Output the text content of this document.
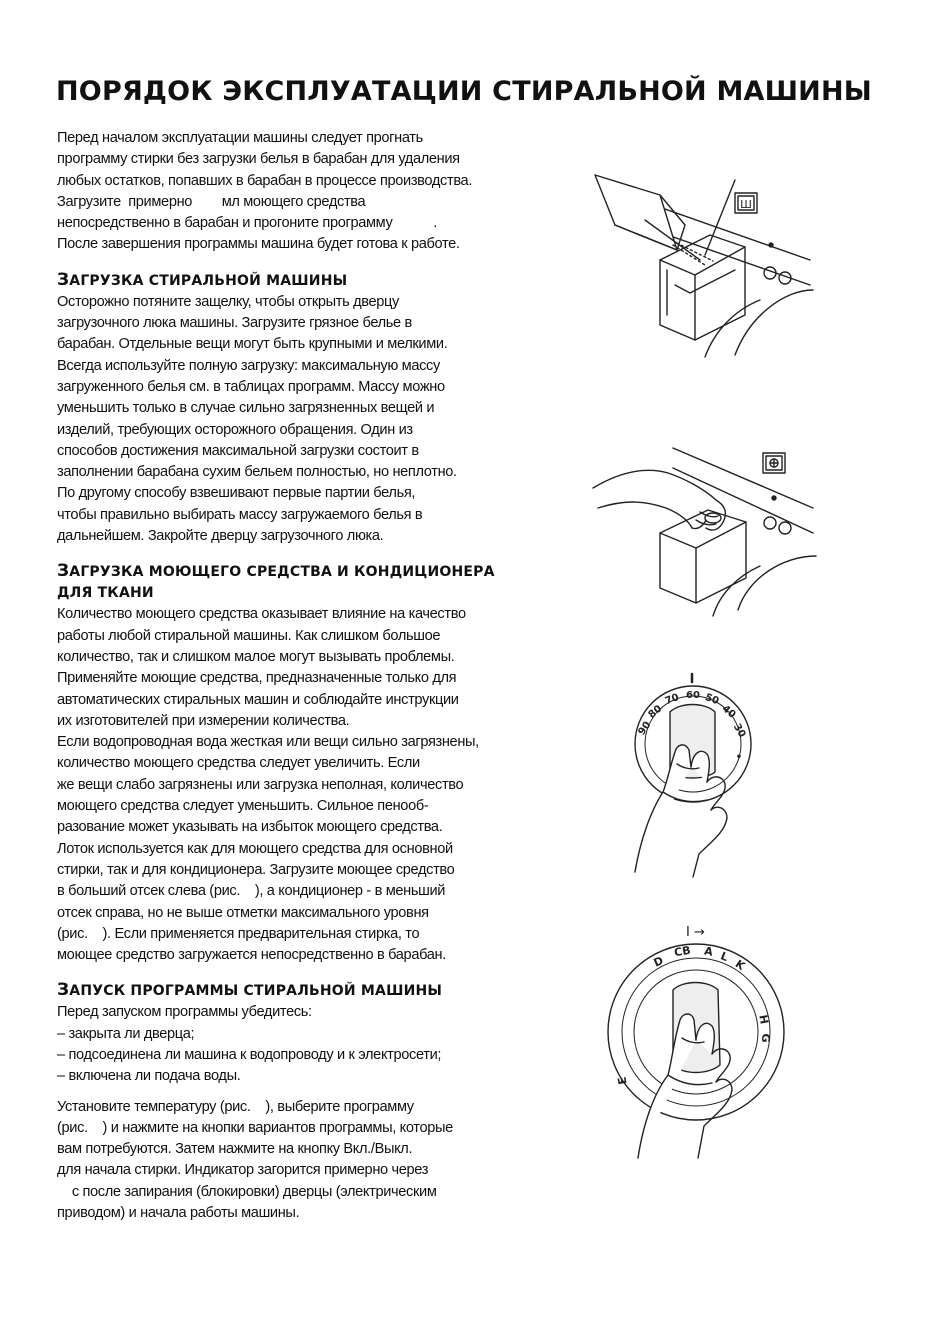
ПОРЯДОК ЭКСПЛУАТАЦИИ СТИРАЛЬНОЙ МАШИНЫ

Перед началом эксплуатации машины следует прогнать

программу стирки без загрузки белья в барабан для удаления

любых остатков, попавших в барабан в процессе производства.

Загрузите  примерно        мл моющего средства

непосредственно в барабан и прогоните программу           .

После завершения программы машина будет готова к работе.

ЗАГРУЗКА СТИРАЛЬНОЙ МАШИНЫ

Осторожно потяните защелку, чтобы открыть дверцу

загрузочного люка машины. Загрузите грязное белье в

барабан. Отдельные вещи могут быть крупными и мелкими.

Всегда используйте полную загрузку: максимальную массу

загруженного белья см. в таблицах программ. Массу можно

уменьшить только в случае сильно загрязненных вещей и

изделий, требующих осторожного обращения. Один из

способов достижения максимальной загрузки состоит в

заполнении барабана сухим бельем полностью, но неплотно.

По другому способу взвешивают первые партии белья,

чтобы правильно выбирать массу загружаемого белья в

дальнейшем. Закройте дверцу загрузочного люка.

ЗАГРУЗКА МОЮЩЕГО СРЕДСТВА И КОНДИЦИОНЕРА
ДЛЯ ТКАНИ

Количество моющего средства оказывает влияние на качество

работы любой стиральной машины. Как слишком большое

количество, так и слишком малое могут вызывать проблемы.

Применяйте моющие средства, предназначенные только для

автоматических стиральных машин и соблюдайте инструкции

их изготовителей при измерении количества.

Если водопроводная вода жесткая или вещи сильно загрязнены,

количество моющего средства следует увеличить. Если

же вещи слабо загрязнены или загрузка неполная, количество

моющего средства следует уменьшить. Сильное пенооб-

разование может указывать на избыток моющего средства.

Лоток используется как для моющего средства для основной

стирки, так и для кондиционера. Загрузите моющее средство

в больший отсек слева (рис.    ), а кондиционер - в меньший

отсек справа, но не выше отметки максимального уровня

(рис.    ). Если применяется предварительная стирка, то

моющее средство загружается непосредственно в барабан.

ЗАПУСК ПРОГРАММЫ СТИРАЛЬНОЙ МАШИНЫ

Перед запуском программы убедитесь:

– закрыта ли дверца;

– подсоединена ли машина к водопроводу и к электросети;

– включена ли подача воды.

Установите температуру (рис.    ), выберите программу

(рис.    ) и нажмите на кнопки вариантов программы, которые

вам потребуются. Затем нажмите на кнопку Вкл./Выкл.

для начала стирки. Индикатор загорится примерно через

с после запирания (блокировки) дверцы (электрическим

приводом) и начала работы машины.

Ш
90
80
70 60 50
40
30
•
I →
D
CB A L
K
H
G
E
